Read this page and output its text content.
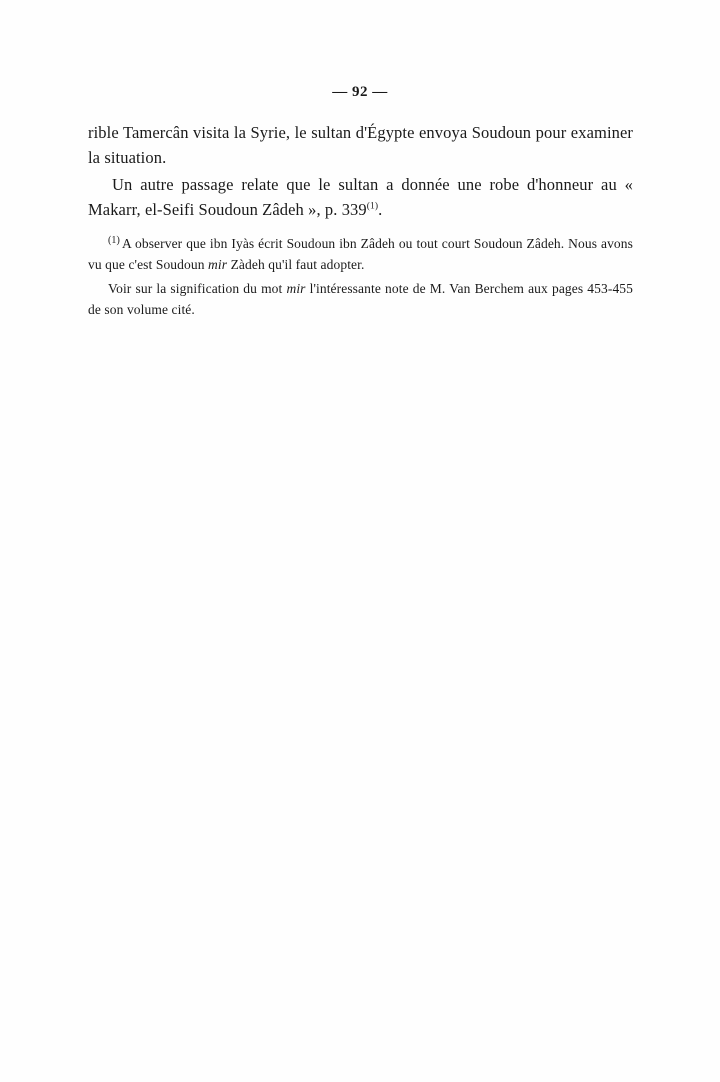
— 92 —

rible Tamercân visita la Syrie, le sultan d'Égypte envoya Soudoun pour examiner la situation.

Un autre passage relate que le sultan a donnée une robe d'honneur au « Makarr, el-Seifi Soudoun Zâdeh », p. 339$^{(1)}$.

$^{(1)}$ A observer que ibn Iyàs écrit Soudoun ibn Zâdeh ou tout court Soudoun Zâdeh. Nous avons vu que c'est Soudoun mir Zàdeh qu'il faut adopter.

Voir sur la signification du mot mir l'intéressante note de M. Van Berchem aux pages 453-455 de son volume cité.
